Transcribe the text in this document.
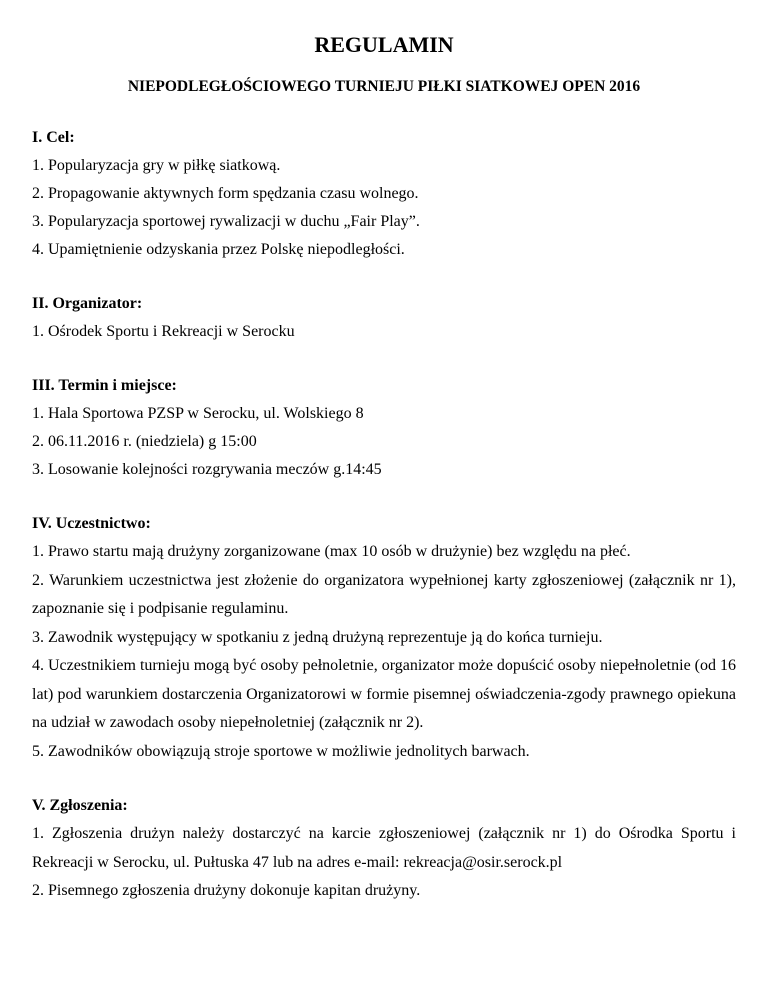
REGULAMIN
NIEPODLEGŁOŚCIOWEGO TURNIEJU PIŁKI SIATKOWEJ OPEN 2016
I. Cel:
1. Popularyzacja gry w piłkę siatkową.
2. Propagowanie aktywnych form spędzania czasu wolnego.
3. Popularyzacja sportowej rywalizacji w duchu „Fair Play”.
4. Upamiętnienie odzyskania przez Polskę niepodległości.
II. Organizator:
1. Ośrodek Sportu i Rekreacji w Serocku
III. Termin i miejsce:
1. Hala Sportowa PZSP w Serocku, ul. Wolskiego 8
2. 06.11.2016 r. (niedziela) g 15:00
3. Losowanie kolejności rozgrywania meczów g.14:45
IV. Uczestnictwo:
1. Prawo startu mają drużyny zorganizowane (max 10 osób w drużynie) bez względu na płeć.
2. Warunkiem uczestnictwa jest złożenie do organizatora wypełnionej karty zgłoszeniowej (załącznik nr 1), zapoznanie się i podpisanie regulaminu.
3. Zawodnik występujący w spotkaniu z jedną drużyną reprezentuje ją do końca turnieju.
4. Uczestnikiem turnieju mogą być osoby pełnoletnie, organizator może dopuścić osoby niepełnoletnie (od 16 lat) pod warunkiem dostarczenia Organizatorowi w formie pisemnej oświadczenia-zgody prawnego opiekuna na udział w zawodach osoby niepełnoletniej (załącznik nr 2).
5. Zawodników obowiązują stroje sportowe w możliwie jednolitych barwach.
V. Zgłoszenia:
1. Zgłoszenia drużyn należy dostarczyć na karcie zgłoszeniowej (załącznik nr 1) do Ośrodka Sportu i Rekreacji w Serocku, ul. Pułtuska 47 lub na adres e-mail: rekreacja@osir.serock.pl
2. Pisemnego zgłoszenia drużyny dokonuje kapitan drużyny.
